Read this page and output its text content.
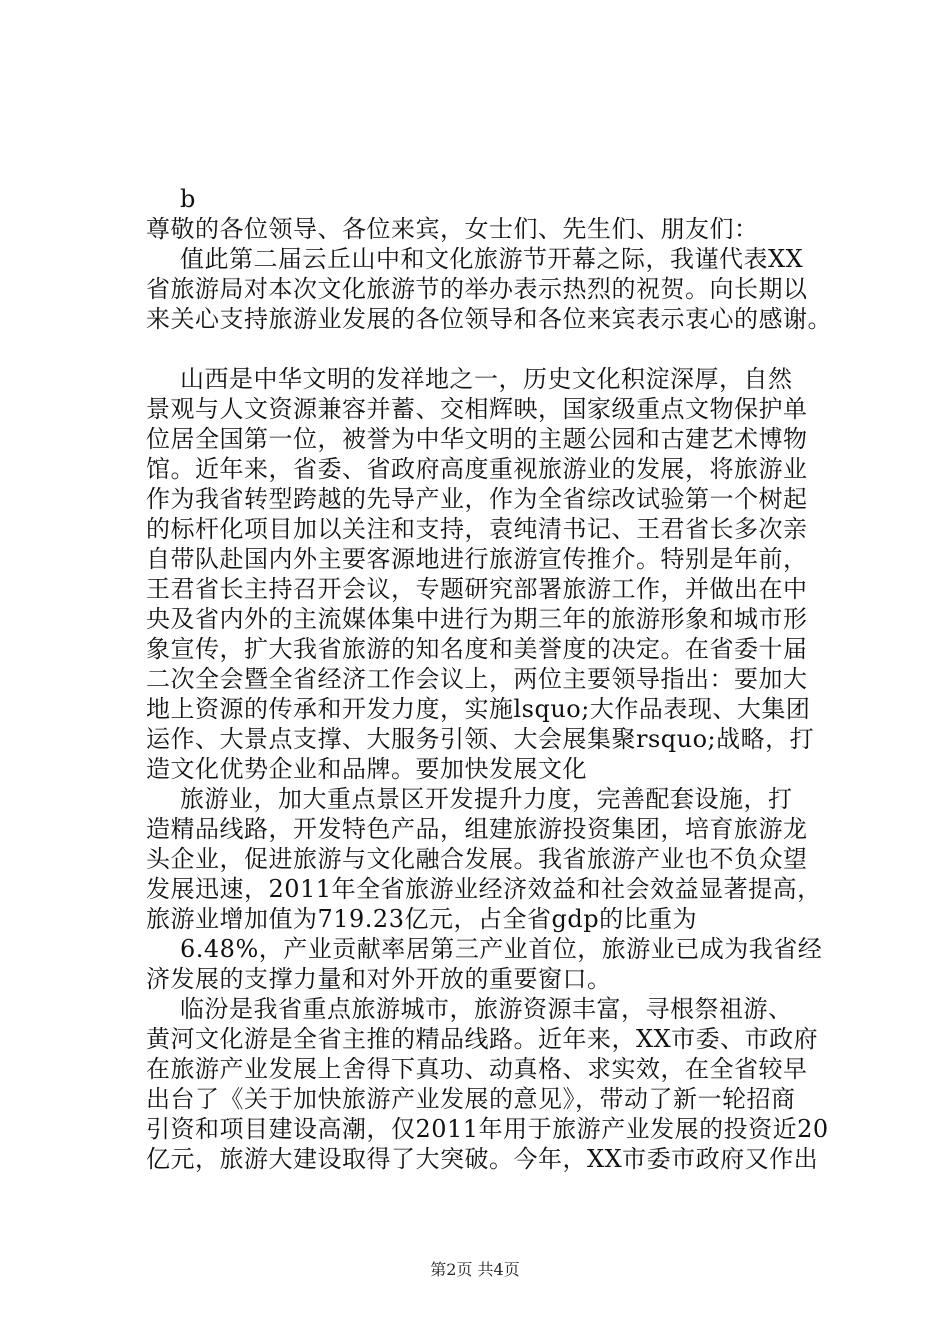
b
尊敬的各位领导、各位来宾，女士们、先生们、朋友们：
值此第二届云丘山中和文化旅游节开幕之际，我谨代表XX
省旅游局对本次文化旅游节的举办表示热烈的祝贺。向长期以
来关心支持旅游业发展的各位领导和各位来宾表示衷心的感谢。
山西是中华文明的发祥地之一，历史文化积淀深厚，自然
景观与人文资源兼容并蓄、交相辉映，国家级重点文物保护单
位居全国第一位，被誉为中华文明的主题公园和古建艺术博物
馆。近年来，省委、省政府高度重视旅游业的发展，将旅游业
作为我省转型跨越的先导产业，作为全省综改试验第一个树起
的标杆化项目加以关注和支持，袁纯清书记、王君省长多次亲
自带队赴国内外主要客源地进行旅游宣传推介。特别是年前，
王君省长主持召开会议，专题研究部署旅游工作，并做出在中
央及省内外的主流媒体集中进行为期三年的旅游形象和城市形
象宣传，扩大我省旅游的知名度和美誉度的决定。在省委十届
二次全会暨全省经济工作会议上，两位主要领导指出：要加大
地上资源的传承和开发力度，实施lsquo;大作品表现、大集团
运作、大景点支撑、大服务引领、大会展集聚rsquo;战略，打
造文化优势企业和品牌。要加快发展文化
旅游业，加大重点景区开发提升力度，完善配套设施，打
造精品线路，开发特色产品，组建旅游投资集团，培育旅游龙
头企业，促进旅游与文化融合发展。我省旅游产业也不负众望
发展迅速，2011年全省旅游业经济效益和社会效益显著提高，
旅游业增加值为719.23亿元，占全省gdp的比重为
6.48%，产业贡献率居第三产业首位，旅游业已成为我省经
济发展的支撑力量和对外开放的重要窗口。
临汾是我省重点旅游城市，旅游资源丰富，寻根祭祖游、
黄河文化游是全省主推的精品线路。近年来，XX市委、市政府
在旅游产业发展上舍得下真功、动真格、求实效，在全省较早
出台了《关于加快旅游产业发展的意见》，带动了新一轮招商
引资和项目建设高潮，仅2011年用于旅游产业发展的投资近20
亿元，旅游大建设取得了大突破。今年，XX市委市政府又作出
第2页 共4页
